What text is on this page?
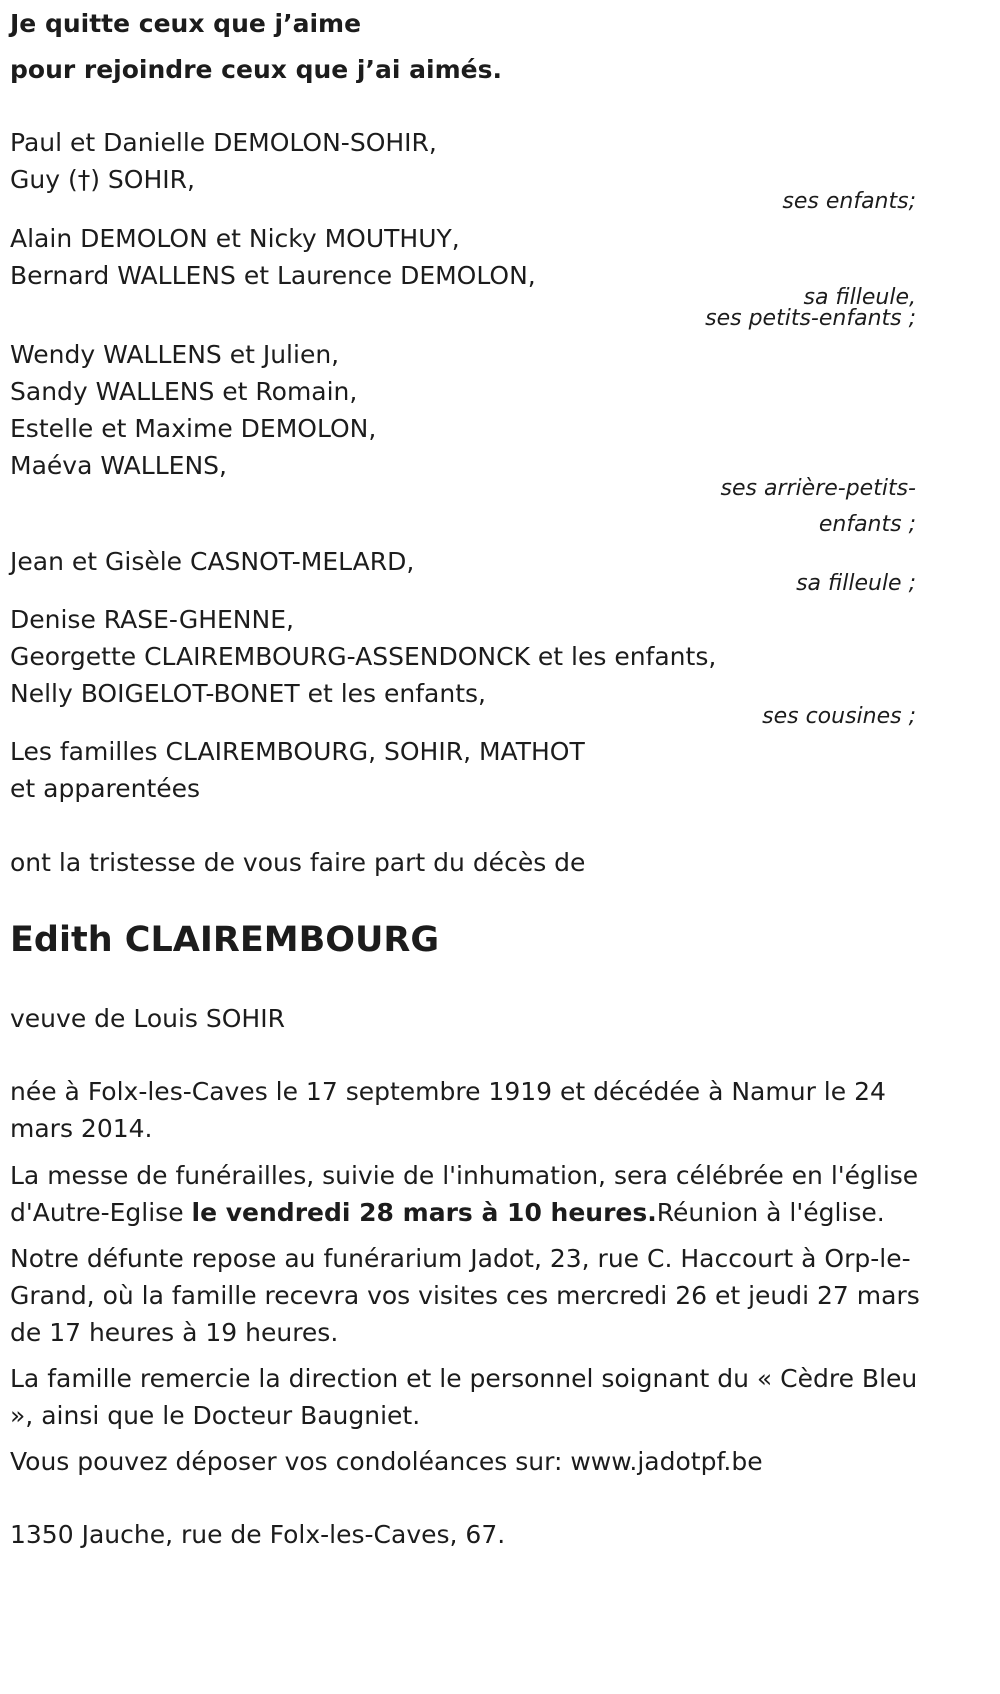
Je quitte ceux que j’aime
pour rejoindre ceux que j’ai aimés.
Paul et Danielle DEMOLON-SOHIR,
Guy (†) SOHIR,
ses enfants;
Alain DEMOLON et Nicky MOUTHUY,
Bernard WALLENS et Laurence DEMOLON,
sa filleule,
ses petits-enfants ;
Wendy WALLENS et Julien,
Sandy WALLENS et Romain,
Estelle et Maxime DEMOLON,
Maéva WALLENS,
ses arrière-petits-
enfants ;
Jean et Gisèle CASNOT-MELARD,
sa filleule ;
Denise RASE-GHENNE,
Georgette CLAIREMBOURG-ASSENDONCK et les enfants,
Nelly BOIGELOT-BONET et les enfants,
ses cousines ;
Les familles CLAIREMBOURG, SOHIR, MATHOT
et apparentées
ont la tristesse de vous faire part du décès de
Edith CLAIREMBOURG
veuve de Louis SOHIR
née à Folx-les-Caves le 17 septembre 1919 et décédée à Namur le 24
mars 2014.
La messe de funérailles, suivie de l'inhumation, sera célébrée en l'église
d'Autre-Eglise le vendredi 28 mars à 10 heures.Réunion à l'église.
Notre défunte repose au funérarium Jadot, 23, rue C. Haccourt à Orp-le-
Grand, où la famille recevra vos visites ces mercredi 26 et jeudi 27 mars
de 17 heures à 19 heures.
La famille remercie la direction et le personnel soignant du « Cèdre Bleu
», ainsi que le Docteur Baugniet.
Vous pouvez déposer vos condoléances sur: www.jadotpf.be
1350 Jauche, rue de Folx-les-Caves, 67.
